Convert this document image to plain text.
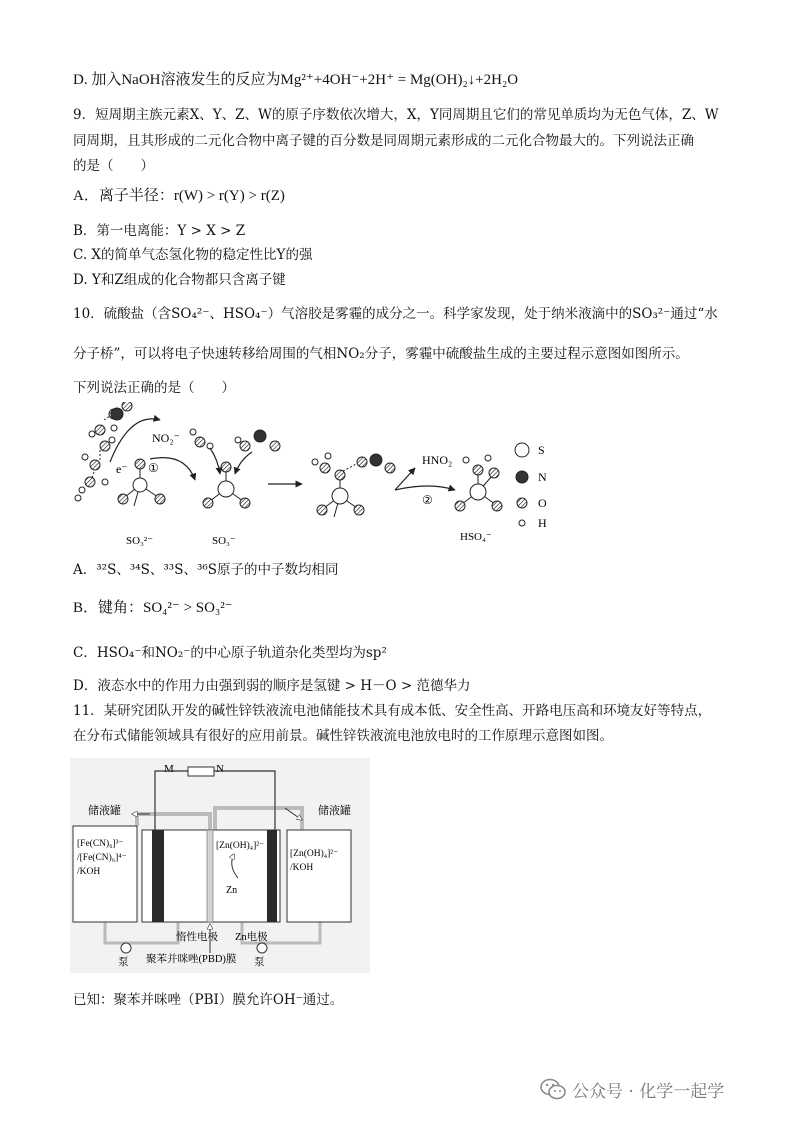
D. 加入NaOH溶液发生的反应为Mg²⁺+4OH⁻+2H⁺ = Mg(OH)₂↓+2H₂O
9．短周期主族元素X、Y、Z、W的原子序数依次增大，X，Y同周期且它们的常见单质均为无色气体，Z、W
同周期，且其形成的二元化合物中离子键的百分数是同周期元素形成的二元化合物最大的。下列说法正确
的是（　　）
A．离子半径：r(W) > r(Y) > r(Z)
B．第一电离能：Y > X > Z
C. X的简单气态氢化物的稳定性比Y的强
D. Y和Z组成的化合物都只含离子键
10．硫酸盐（含SO₄²⁻、HSO₄⁻）气溶胶是雾霾的成分之一。科学家发现，处于纳米液滴中的SO₃²⁻通过“水
分子桥”，可以将电子快速转移给周围的气相NO₂分子，雾霾中硫酸盐生成的主要过程示意图如图所示。
下列说法正确的是（　　）
e⁻
SO₃²⁻
NO₂⁻
①
SO₃⁻
HNO₂
②
HSO₄⁻
S
N
O
H
A．³²S、³⁴S、³³S、³⁶S原子的中子数均相同
B．键角：SO₄²⁻ > SO₃²⁻
C．HSO₄⁻和NO₂⁻的中心原子轨道杂化类型均为sp²
D．液态水中的作用力由强到弱的顺序是氢键 > H－O > 范德华力
11．某研究团队开发的碱性锌铁液流电池储能技术具有成本低、安全性高、开路电压高和环境友好等特点，
在分布式储能领域具有很好的应用前景。碱性锌铁液流电池放电时的工作原理示意图如图。
M	N
储液罐	储液罐
[Fe(CN)₆]³⁻
/[Fe(CN)₆]⁴⁻
/KOH
[Zn(OH)₄]²⁻
/KOH
[Zn(OH)₄]²⁻
Zn
惰性电极 Zn电极
泵	泵
聚苯并咪唑(PBD)膜
已知：聚苯并咪唑（PBI）膜允许OH⁻通过。
公众号 · 化学一起学
